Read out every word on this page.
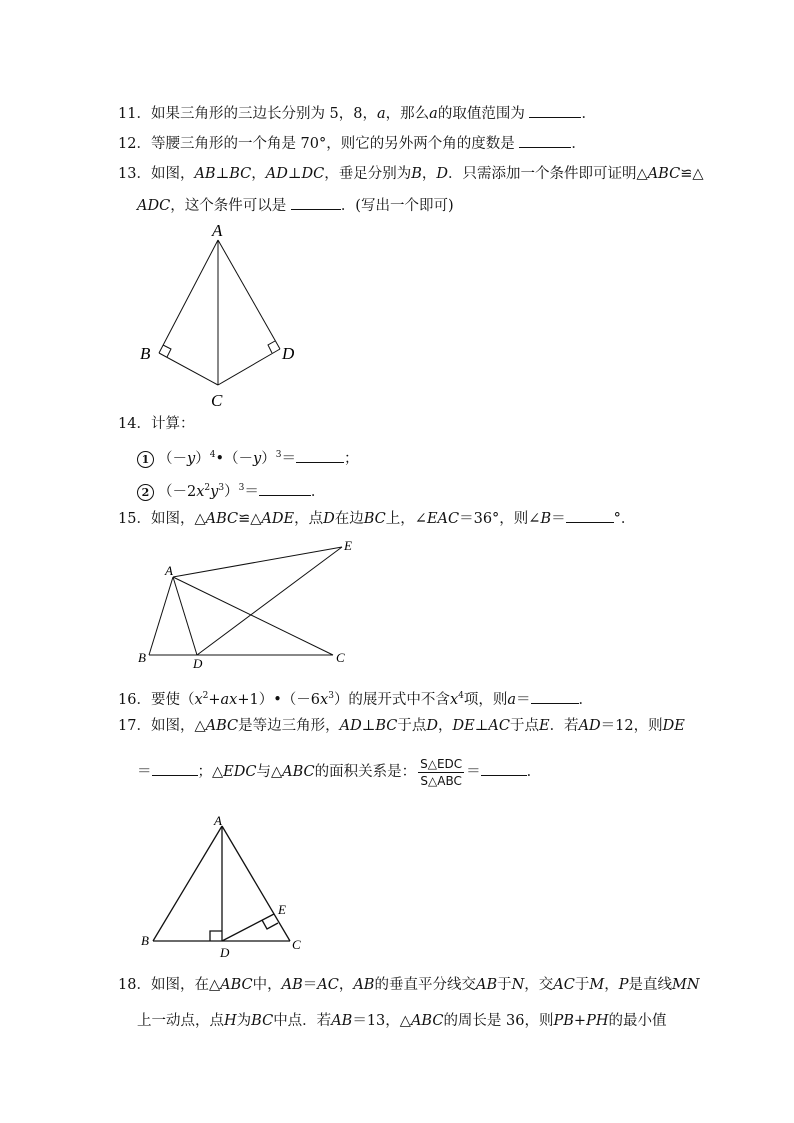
11．如果三角形的三边长分别为 5，8，a，那么a的取值范围为	．
12．等腰三角形的一个角是 70°，则它的另外两个角的度数是	．
13．如图，AB⊥BC，AD⊥DC，垂足分别为B，D．只需添加一个条件即可证明△ABC≌△
ADC，这个条件可以是	．(写出一个即可)
A
B	D
C
14．计算：
1 $(-y)^4•(-y)^3=$	；
2 $(-2x^2y^3)^3=$	．
15．如图，△ABC≌△ADE，点D在边BC上，∠EAC＝36°，则∠B＝	°．
A
B	D	C
E
16．要使$(x^2+ax+1)•(-6x^3)$的展开式中不含$x^4$项，则a＝	．
17．如图，△ABC是等边三角形，AD⊥BC于点D，DE⊥AC于点E．若AD＝12，则DE
＝	；△EDC与△ABC的面积关系是： $\frac{\text{S△EDC}}{\text{S△ABC}}$ ＝	．
A
B
D
C
E
18．如图，在△ABC中，AB＝AC，AB的垂直平分线交AB于N，交AC于M，P是直线MN
上一动点，点H为BC中点．若AB＝13，△ABC的周长是 36，则PB+PH的最小值
